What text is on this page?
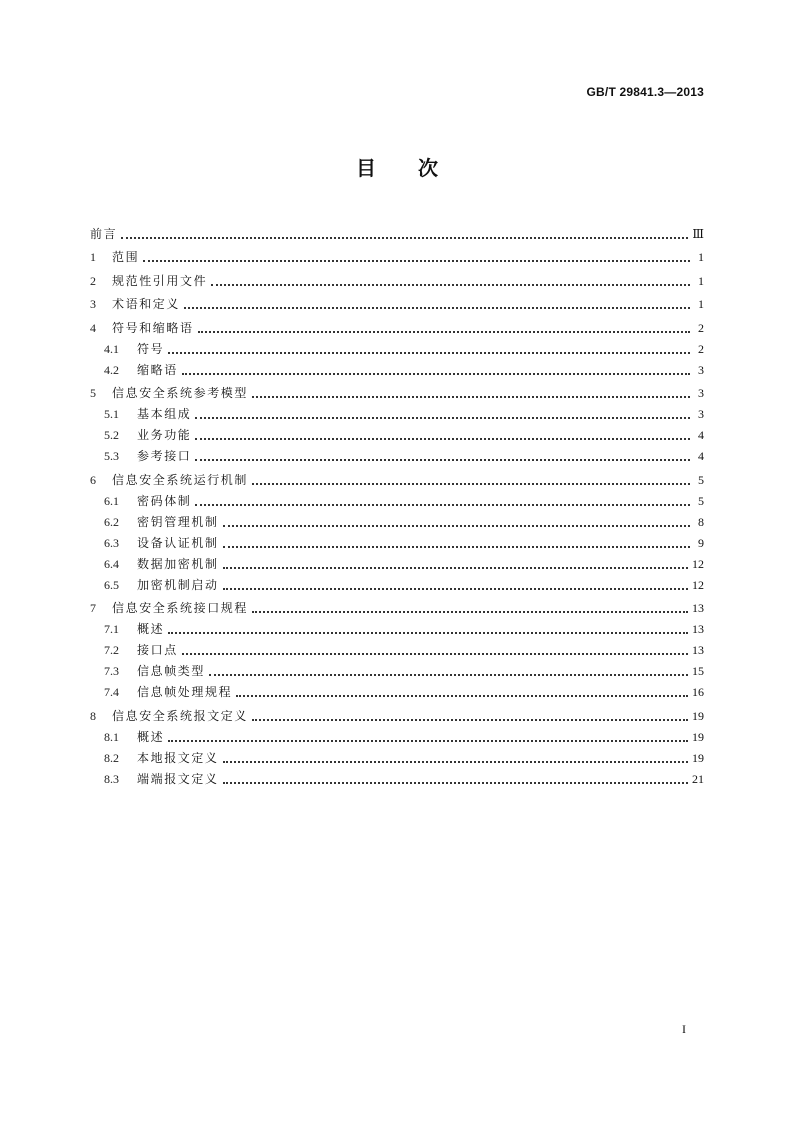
GB/T 29841.3—2013
目 次
前言	Ⅲ
1	范围	1
2	规范性引用文件	1
3	术语和定义	1
4	符号和缩略语	2
4.1	符号	2
4.2	缩略语	3
5	信息安全系统参考模型	3
5.1	基本组成	3
5.2	业务功能	4
5.3	参考接口	4
6	信息安全系统运行机制	5
6.1	密码体制	5
6.2	密钥管理机制	8
6.3	设备认证机制	9
6.4	数据加密机制	12
6.5	加密机制启动	12
7	信息安全系统接口规程	13
7.1	概述	13
7.2	接口点	13
7.3	信息帧类型	15
7.4	信息帧处理规程	16
8	信息安全系统报文定义	19
8.1	概述	19
8.2	本地报文定义	19
8.3	端端报文定义	21
I
